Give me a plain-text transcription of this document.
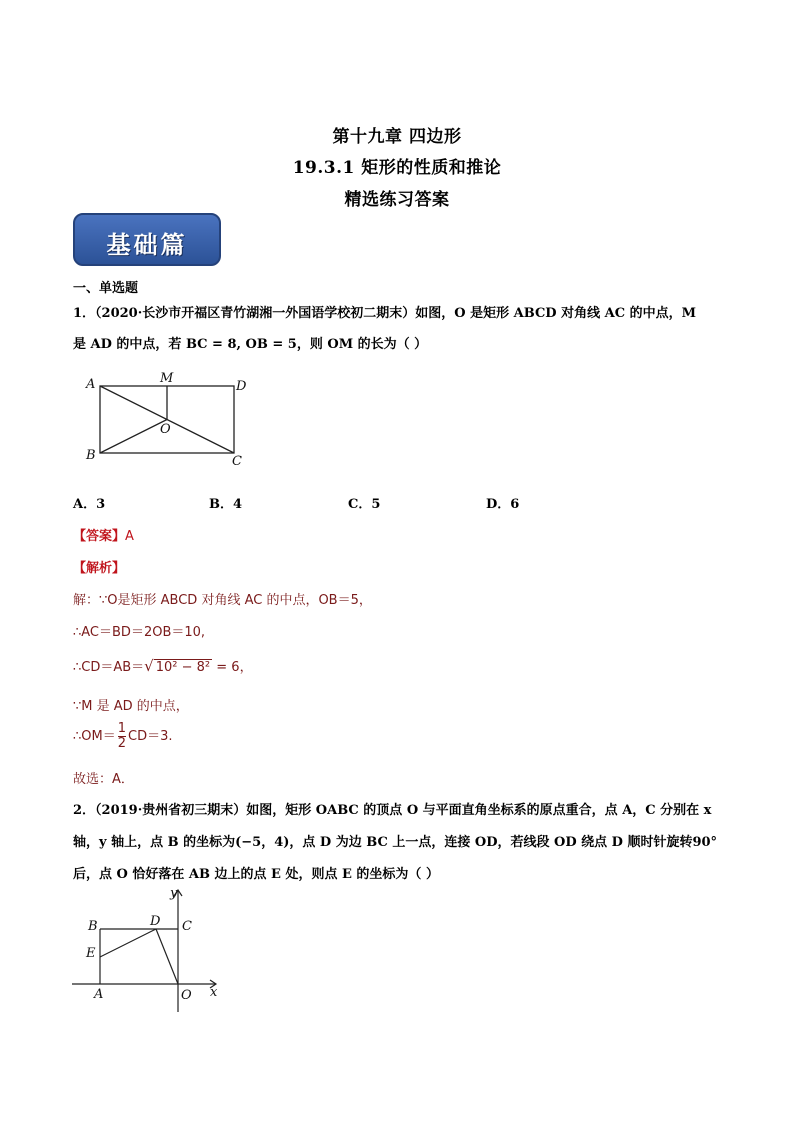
第十九章 四边形
19.3.1 矩形的性质和推论
精选练习答案
基础篇
一、单选题
1．（2020·长沙市开福区青竹湖湘一外国语学校初二期末）如图，O 是矩形 ABCD 对角线 AC 的中点，M
是 AD 的中点，若 BC = 8, OB = 5，则 OM 的长为（ ）
A	M
D
O
B	C
A．3	B．4	C．5	D．6
【答案】A
【解析】
解：∵O是矩形 ABCD 对角线 AC 的中点，OB＝5，
∴AC＝BD＝2OB＝10,
∴CD＝AB＝√ 10² − 8² = 6，
∵M 是 AD 的中点，
∴OM＝ $\frac{1}{2} CD=3$.
故选：A．
2．（2019·贵州省初三期末）如图，矩形 OABC 的顶点 O 与平面直角坐标系的原点重合，点 A，C 分别在 x
轴，y 轴上，点 B 的坐标为(−5，4)，点 D 为边 BC 上一点，连接 OD，若线段 OD 绕点 D 顺时针旋转90°
后，点 O 恰好落在 AB 边上的点 E 处，则点 E 的坐标为（ ）
y
B	D C
E
A	O x
